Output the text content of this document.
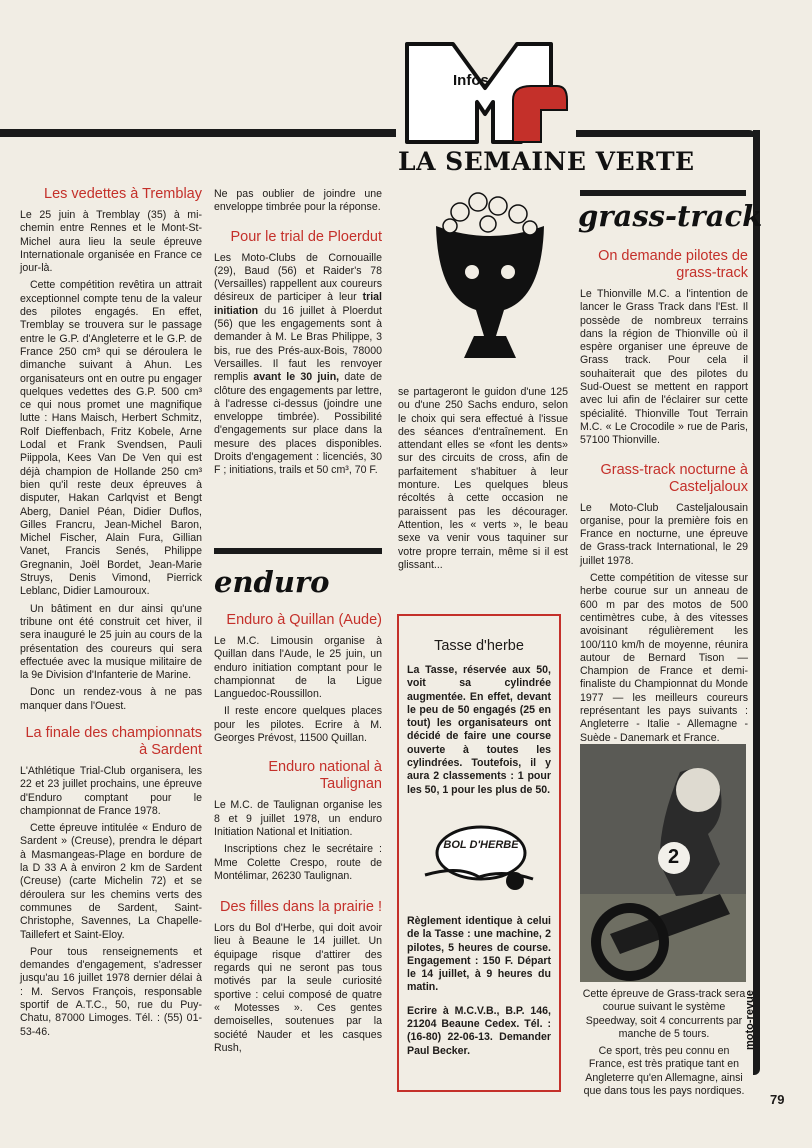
Infos
LA SEMAINE VERTE
Les vedettes à Tremblay

Le 25 juin à Tremblay (35) à mi-chemin entre Rennes et le Mont-St-Michel aura lieu la seule épreuve Internationale organisée en France ce jour-là.

Cette compétition revêtira un attrait exceptionnel compte tenu de la valeur des pilotes engagés. En effet, Tremblay se trouvera sur le passage entre le G.P. d'Angleterre et le G.P. de France 250 cm³ qui se déroulera le dimanche suivant à Ahun. Les organisateurs ont en outre pu engager quelques vedettes des G.P. 500 cm³ ce qui nous promet une magnifique lutte : Hans Maisch, Herbert Schmitz, Rolf Dieffenbach, Fritz Kobele, Arne Lodal et Frank Svendsen, Pauli Piippola, Kees Van De Ven qui est déjà champion de Hollande 250 cm³ bien qu'il reste deux épreuves à disputer, Hakan Carlqvist et Bengt Aberg, Daniel Péan, Didier Duflos, Gilles Francru, Jean-Michel Baron, Michel Fischer, Alain Fura, Gillian Vanet, Francis Senés, Philippe Gregnanin, Joël Bordet, Jean-Marie Struys, Denis Vimond, Pierrick Leblanc, Didier Lamouroux.

Un bâtiment en dur ainsi qu'une tribune ont été construit cet hiver, il sera inauguré le 25 juin au cours de la présentation des coureurs qui sera effectuée avec la musique militaire de la 9e Division d'Infanterie de Marine.

Donc un rendez-vous à ne pas manquer dans l'Ouest.

La finale des championnats à Sardent

L'Athlétique Trial-Club organisera, les 22 et 23 juillet prochains, une épreuve d'Enduro comptant pour le championnat de France 1978.

Cette épreuve intitulée « Enduro de Sardent » (Creuse), prendra le départ à Masmangeas-Plage en bordure de la D 33 A à environ 2 km de Sardent (Creuse) (carte Michelin 72) et se déroulera sur les chemins verts des communes de Sardent, Saint-Christophe, Savennes, La Chapelle-Taillefert et Saint-Eloy.

Pour tous renseignements et demandes d'engagement, s'adresser jusqu'au 16 juillet 1978 dernier délai à : M. Servos François, responsable sportif de A.T.C., 50, rue du Puy-Chatu, 87000 Limoges. Tél. : (55) 01-53-46.

Ne pas oublier de joindre une enveloppe timbrée pour la réponse.

Pour le trial de Ploerdut

Les Moto-Clubs de Cornouaille (29), Baud (56) et Raider's 78 (Versailles) rappellent aux coureurs désireux de participer à leur trial initiation du 16 juillet à Ploerdut (56) que les engagements sont à demander à M. Le Bras Philippe, 3 bis, rue des Prés-aux-Bois, 78000 Versailles. Il faut les renvoyer remplis avant le 30 juin, date de clôture des engagements par lettre, à l'adresse ci-dessus (joindre une enveloppe timbrée). Possibilité d'engagements sur place dans la mesure des places disponibles. Droits d'engagement : licenciés, 30 F ; initiations, trails et 50 cm³, 70 F.

enduro
Enduro à Quillan (Aude)

Le M.C. Limousin organise à Quillan dans l'Aude, le 25 juin, un enduro initiation comptant pour le championnat de la Ligue Languedoc-Roussillon.

Il reste encore quelques places pour les pilotes. Ecrire à M. Georges Prévost, 11500 Quillan.

Enduro national à Taulignan

Le M.C. de Taulignan organise les 8 et 9 juillet 1978, un enduro Initiation National et Initiation.

Inscriptions chez le secrétaire : Mme Colette Crespo, route de Montélimar, 26230 Taulignan.

Des filles dans la prairie !

Lors du Bol d'Herbe, qui doit avoir lieu à Beaune le 14 juillet. Un équipage risque d'attirer des regards qui ne seront pas tous motivés par la seule curiosité sportive : celui composé de quatre « Motesses ». Ces gentes demoiselles, soutenues par la société Nauder et les casques Rush,

se partageront le guidon d'une 125 ou d'une 250 Sachs enduro, selon le choix qui sera effectué à l'issue des séances d'entraînement. En attendant elles se «font les dents» sur des circuits de cross, afin de parfaitement s'habituer à leur monture. Les quelques bleus récoltés à cette occasion ne paraissent pas les décourager. Attention, les « verts », le beau sexe va venir vous taquiner sur votre propre terrain, même si il est glissant...

Tasse d'herbe

La Tasse, réservée aux 50, voit sa cylindrée augmentée. En effet, devant le peu de 50 engagés (25 en tout) les organisateurs ont décidé de faire une course ouverte à toutes les cylindrées. Toutefois, il y aura 2 classements : 1 pour les 50, 1 pour les plus de 50.

BOL D'HERBE

Règlement identique à celui de la Tasse : une machine, 2 pilotes, 5 heures de course. Engagement : 150 F. Départ le 14 juillet, à 9 heures du matin.

Ecrire à M.C.V.B., B.P. 146, 21204 Beaune Cedex. Tél. : (16-80) 22-06-13. Demander Paul Becker.

grass-track
On demande pilotes de grass-track

Le Thionville M.C. a l'intention de lancer le Grass Track dans l'Est. Il possède de nombreux terrains dans la région de Thionville où il espère organiser une épreuve de Grass track. Pour cela il souhaiterait que des pilotes du Sud-Ouest se mettent en rapport avec lui afin de l'éclairer sur cette spécialité. Thionville Tout Terrain M.C. « Le Crocodile » rue de Paris, 57100 Thionville.

Grass-track nocturne à Casteljaloux

Le Moto-Club Casteljalousain organise, pour la première fois en France en nocturne, une épreuve de Grass-track International, le 29 juillet 1978.

Cette compétition de vitesse sur herbe courue sur un anneau de 600 m par des motos de 500 centimètres cube, à des vitesses avoisinant régulièrement les 100/110 km/h de moyenne, réunira autour de Bernard Tison — Champion de France et demi-finaliste du Championnat du Monde 1977 — les meilleurs coureurs représentant les pays suivants : Angleterre - Italie - Allemagne - Suède - Danemark et France.

2

Cette épreuve de Grass-track sera courue suivant le système Speedway, soit 4 concurrents par manche de 5 tours.

Ce sport, très peu connu en France, est très pratique tant en Angleterre qu'en Allemagne, ainsi que dans tous les pays nordiques.

moto-revue
79
